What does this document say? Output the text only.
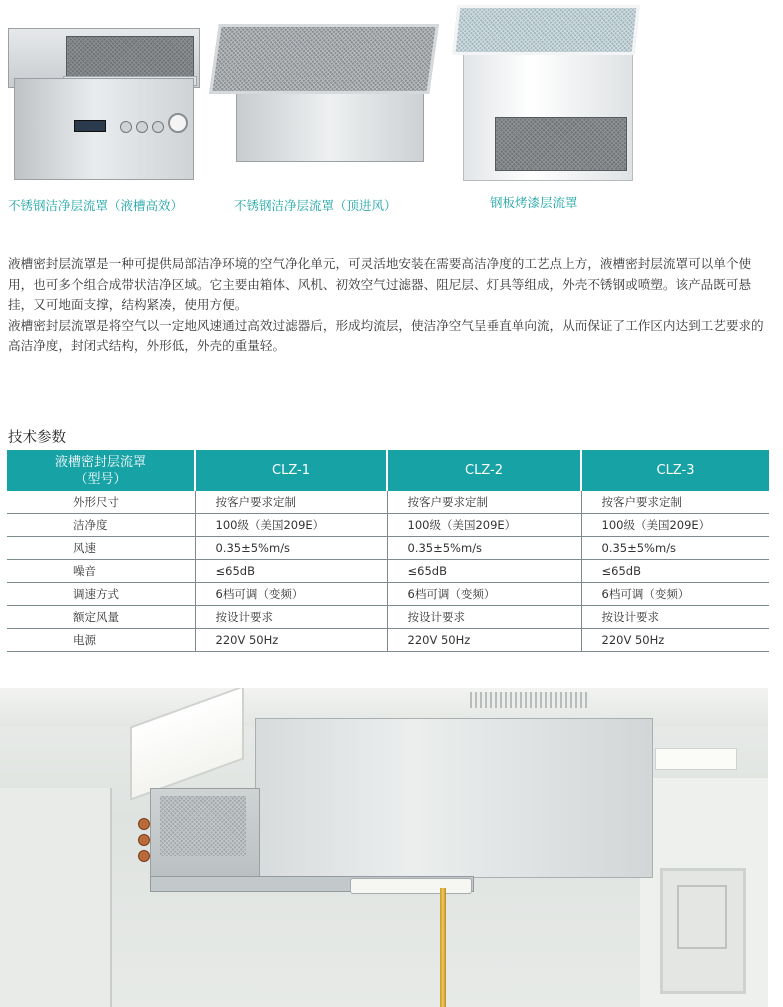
不锈钢洁净层流罩（液槽高效）	不锈钢洁净层流罩（顶进风）	钢板烤漆层流罩

液槽密封层流罩是一种可提供局部洁净环境的空气净化单元，可灵活地安装在需要高洁净度的工艺点上方，液槽密封层流罩可以单个使用，也可多个组合成带状洁净区域。它主要由箱体、风机、初效空气过滤器、阻尼层、灯具等组成，外壳不锈钢或喷塑。该产品既可悬挂，又可地面支撑，结构紧凑，使用方便。

液槽密封层流罩是将空气以一定地风速通过高效过滤器后，形成均流层，使洁净空气呈垂直单向流，从而保证了工作区内达到工艺要求的高洁净度，封闭式结构，外形低，外壳的重量轻。

技术参数
液槽密封层流罩
（型号）	CLZ-1	CLZ-2	CLZ-3
外形尺寸	按客户要求定制	按客户要求定制	按客户要求定制
洁净度	100级（美国209E）	100级（美国209E）	100级（美国209E）
风速	0.35±5%m/s	0.35±5%m/s	0.35±5%m/s
噪音	≤65dB	≤65dB	≤65dB
调速方式	6档可调（变频）	6档可调（变频）	6档可调（变频）
额定风量	按设计要求	按设计要求	按设计要求
电源	220V 50Hz	220V 50Hz	220V 50Hz
